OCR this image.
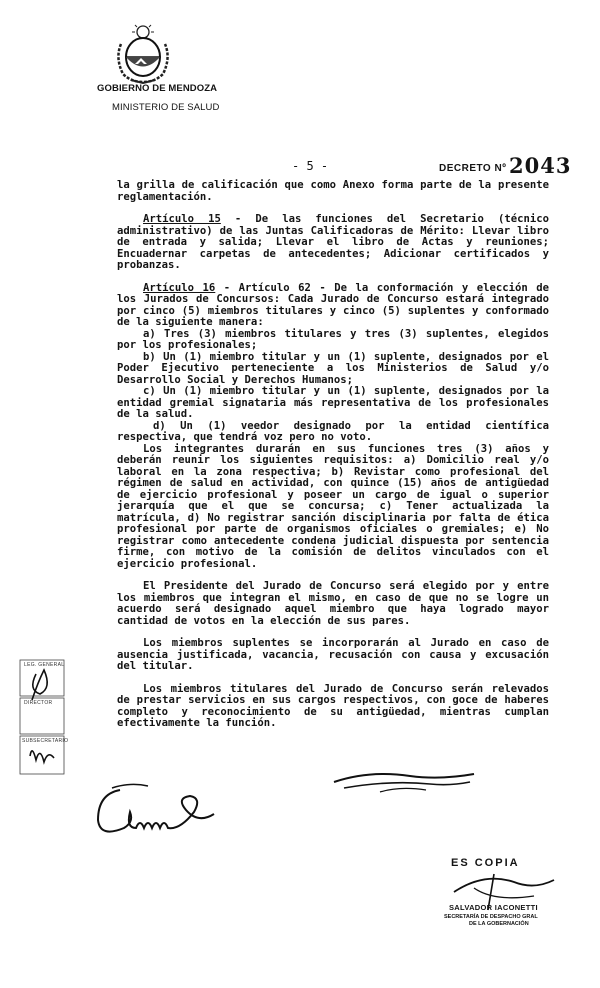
GOBIERNO DE MENDOZA
MINISTERIO DE SALUD
- 5 -	DECRETO Nº 2043

la grilla de calificación que como Anexo forma parte de la presente reglamentación.

Artículo 15 - De las funciones del Secretario (técnico administrativo) de las Juntas Calificadoras de Mérito: Llevar libro de entrada y salida; Llevar el libro de Actas y reuniones; Encuadernar carpetas de antecedentes; Adicionar certificados y probanzas.

Artículo 16 - Artículo 62 - De la conformación y elección de los Jurados de Concursos: Cada Jurado de Concurso estará integrado por cinco (5) miembros titulares y cinco (5) suplentes y conformado de la siguiente manera:

a) Tres (3) miembros titulares y tres (3) suplentes, elegidos por los profesionales;

b) Un (1) miembro titular y un (1) suplente, designados por el Poder Ejecutivo perteneciente a los Ministerios de Salud y/o Desarrollo Social y Derechos Humanos;

c) Un (1) miembro titular y un (1) suplente, designados por la entidad gremial signataria más representativa de los profesionales de la salud.

d) Un (1) veedor designado por la entidad científica respectiva, que tendrá voz pero no voto.

Los integrantes durarán en sus funciones tres (3) años y deberán reunir los siguientes requisitos: a) Domicilio real y/o laboral en la zona respectiva; b) Revistar como profesional del régimen de salud en actividad, con quince (15) años de antigüedad de ejercicio profesional y poseer un cargo de igual o superior jerarquía que el que se concursa; c) Tener actualizada la matrícula, d) No registrar sanción disciplinaria por falta de ética profesional por parte de organismos oficiales o gremiales; e) No registrar como antecedente condena judicial dispuesta por sentencia firme, con motivo de la comisión de delitos vinculados con el ejercicio profesional.

El Presidente del Jurado de Concurso será elegido por y entre los miembros que integran el mismo, en caso de que no se logre un acuerdo será designado aquel miembro que haya logrado mayor cantidad de votos en la elección de sus pares.

Los miembros suplentes se incorporarán al Jurado en caso de ausencia justificada, vacancia, recusación con causa y excusación del titular.

Los miembros titulares del Jurado de Concurso serán relevados de prestar servicios en sus cargos respectivos, con goce de haberes completo y reconocimiento de su antigüedad, mientras cumplan efectivamente la función.

LEG. GENERAL
DIRECTOR
SUBSECRETARIO
ES COPIA
SALVADOR IACONETTI
SECRETARÍA DE DESPACHO GRAL
DE LA GOBERNACIÓN
